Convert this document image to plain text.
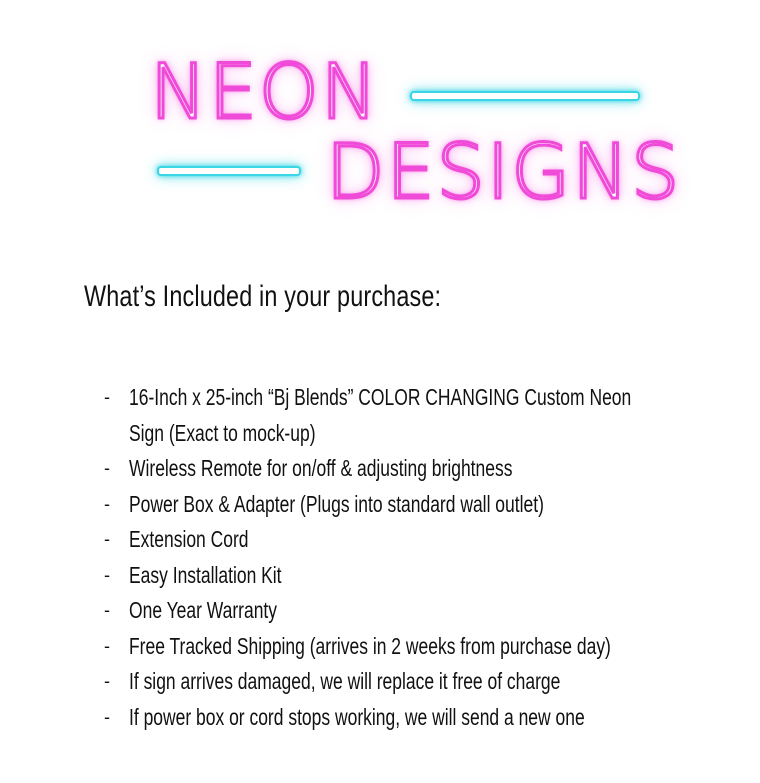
NEON
DESIGNS
What’s Included in your purchase:
- 16-Inch x 25-inch “Bj Blends” COLOR CHANGING Custom Neon
Sign (Exact to mock-up)
- Wireless Remote for on/off & adjusting brightness
- Power Box & Adapter (Plugs into standard wall outlet)
- Extension Cord
- Easy Installation Kit
- One Year Warranty
- Free Tracked Shipping (arrives in 2 weeks from purchase day)
- If sign arrives damaged, we will replace it free of charge
- If power box or cord stops working, we will send a new one
